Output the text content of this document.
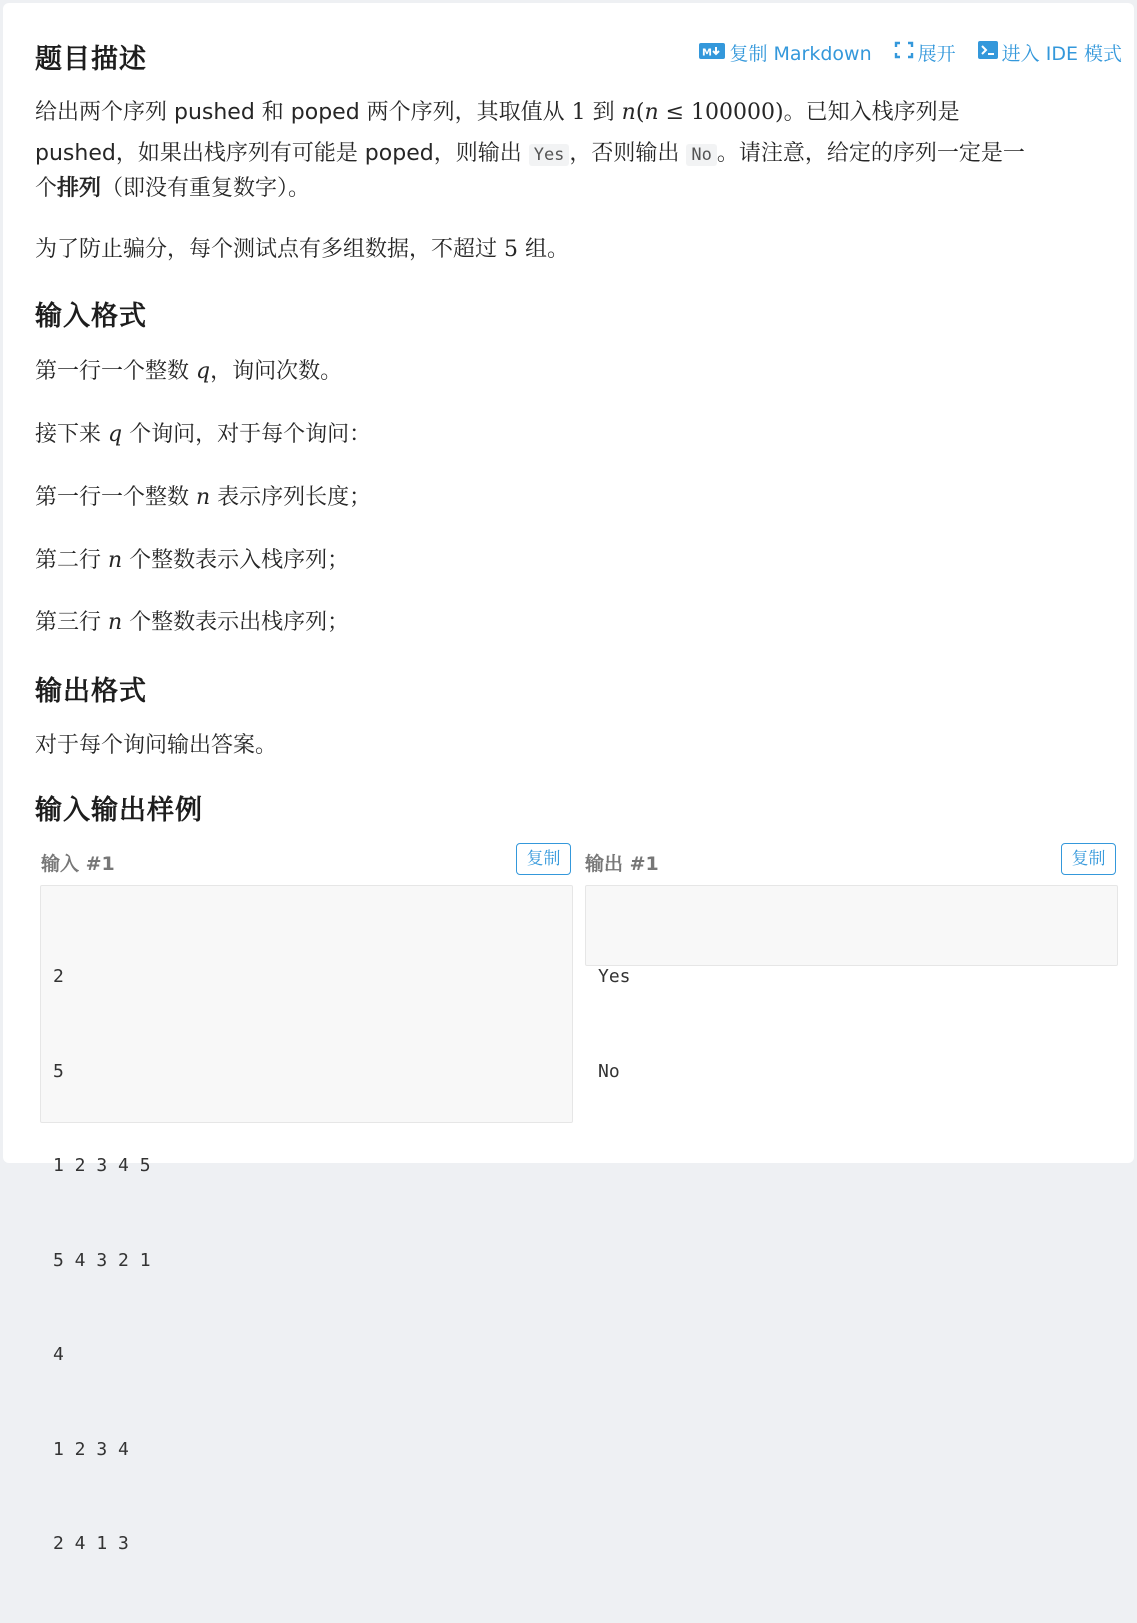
题目描述	M 复制 Markdown 展开 进入 IDE 模式

给出两个序列 pushed 和 poped 两个序列，其取值从 1 到 n(n ≤ 100000)。已知入栈序列是

pushed，如果出栈序列有可能是 poped，则输出 Yes ，否则输出 No 。请注意，给定的序列一定是一

个排列（即没有重复数字）。

为了防止骗分，每个测试点有多组数据，不超过 5 组。

输入格式

第一行一个整数 q，询问次数。

接下来 q 个询问，对于每个询问：

第一行一个整数 n 表示序列长度；

第二行 n 个整数表示入栈序列；

第三行 n 个整数表示出栈序列；

输出格式

对于每个询问输出答案。

输入输出样例
输入 #1	复制

2

5

1 2 3 4 5

5 4 3 2 1

4

1 2 3 4

2 4 1 3

输出 #1	复制

Yes

No
